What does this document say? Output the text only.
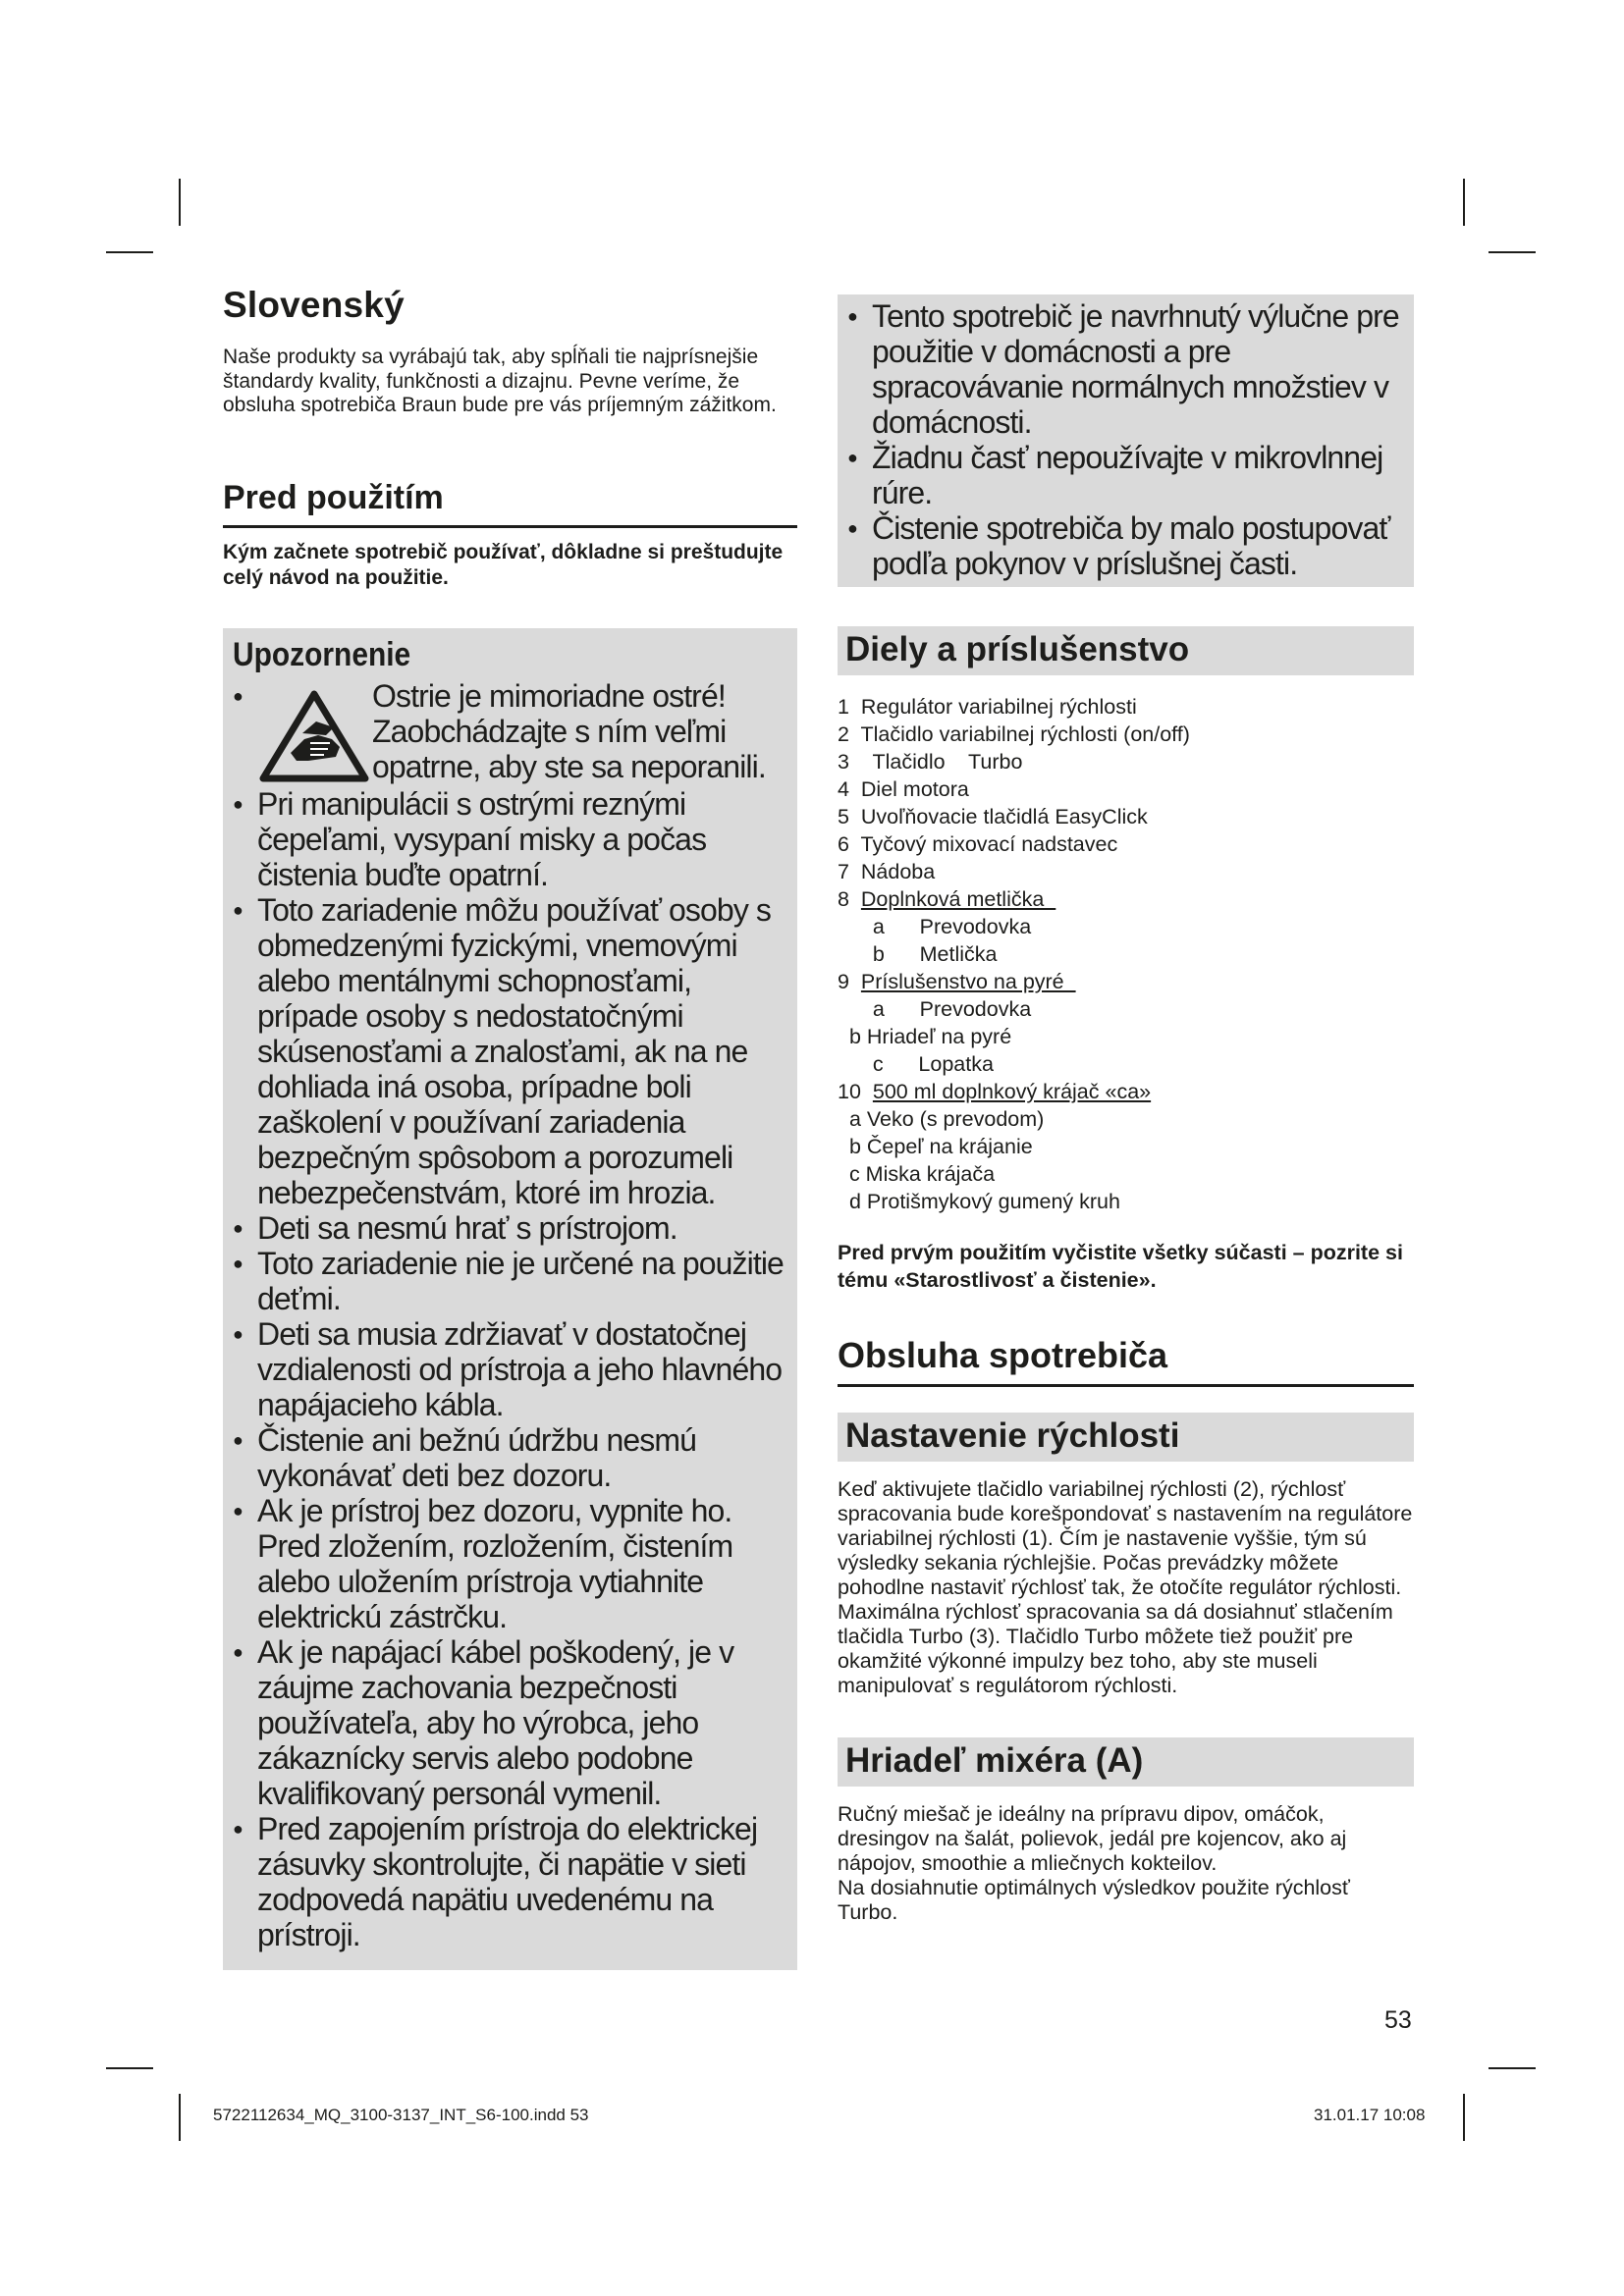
Slovenský

Naše produkty sa vyrábajú tak, aby spĺňali tie najprísnejšie štandardy kvality, funkčnosti a dizajnu. Pevne veríme, že obsluha spotrebiča Braun bude pre vás príjemným zážitkom.

Pred použitím

Kým začnete spotrebič používať, dôkladne si preštudujte celý návod na použitie.

Upozornenie
● Ostrie je mimoriadne ostré! Zaobchádzajte s ním veľmi opatrne, aby ste sa neporanili.
● Pri manipulácii s ostrými reznými čepeľami, vysypaní misky a počas čistenia buďte opatrní.
● Toto zariadenie môžu používať osoby s obmedzenými fyzickými, vnemovými alebo mentálnymi schopnosťami, prípade osoby s nedostatočnými skúsenosťami a znalosťami, ak na ne dohliada iná osoba, prípadne boli zaškolení v používaní zariadenia bezpečným spôsobom a porozumeli nebezpečenstvám, ktoré im hrozia.
● Deti sa nesmú hrať s prístrojom.
● Toto zariadenie nie je určené na použitie deťmi.
● Deti sa musia zdržiavať v dostatočnej vzdialenosti od prístroja a jeho hlavného napájacieho kábla.
● Čistenie ani bežnú údržbu nesmú vykonávať deti bez dozoru.
● Ak je prístroj bez dozoru, vypnite ho. Pred zložením, rozložením, čistením alebo uložením prístroja vytiahnite elektrickú zástrčku.
● Ak je napájací kábel poškodený, je v záujme zachovania bezpečnosti používateľa, aby ho výrobca, jeho zákaznícky servis alebo podobne kvalifikovaný personál vymenil.
● Pred zapojením prístroja do elektrickej zásuvky skontrolujte, či napätie v sieti zodpovedá napätiu uvedenému na prístroji.
● Tento spotrebič je navrhnutý výlučne pre použitie v domácnosti a pre spracovávanie normálnych množstiev v domácnosti.
● Žiadnu časť nepoužívajte v mikrovlnnej rúre.
● Čistenie spotrebiča by malo postupovať podľa pokynov v príslušnej časti.
Diely a príslušenstvo
1  Regulátor variabilnej rýchlosti
2  Tlačidlo variabilnej rýchlosti (on/off)
3    Tlačidlo    Turbo
4  Diel motora
5  Uvoľňovacie tlačidlá EasyClick
6  Tyčový mixovací nadstavec
7  Nádoba
8  Doplnková metlička
a      Prevodovka
b      Metlička
9  Príslušenstvo na pyré
a      Prevodovka
b Hriadeľ na pyré
c      Lopatka
10  500 ml doplnkový krájač «ca»
a Veko (s prevodom)
b Čepeľ na krájanie
c Miska krájača
d Protišmykový gumený kruh

Pred prvým použitím vyčistite všetky súčasti – pozrite si tému «Starostlivosť a čistenie».

Obsluha spotrebiča
Nastavenie rýchlosti

Keď aktivujete tlačidlo variabilnej rýchlosti (2), rýchlosť spracovania bude korešpondovať s nastavením na regulátore variabilnej rýchlosti (1). Čím je nastavenie vyššie, tým sú výsledky sekania rýchlejšie. Počas prevádzky môžete pohodlne nastaviť rýchlosť tak, že otočíte regulátor rýchlosti. Maximálna rýchlosť spracovania sa dá dosiahnuť stlačením tlačidla Turbo (3). Tlačidlo Turbo môžete tiež použiť pre okamžité výkonné impulzy bez toho, aby ste museli manipulovať s regulátorom rýchlosti.

Hriadeľ mixéra (A)

Ručný miešač je ideálny na prípravu dipov, omáčok, dresingov na šalát, polievok, jedál pre kojencov, ako aj nápojov, smoothie a mliečnych kokteilov.
Na dosiahnutie optimálnych výsledkov použite rýchlosť Turbo.

53
5722112634_MQ_3100-3137_INT_S6-100.indd 53	31.01.17 10:08
